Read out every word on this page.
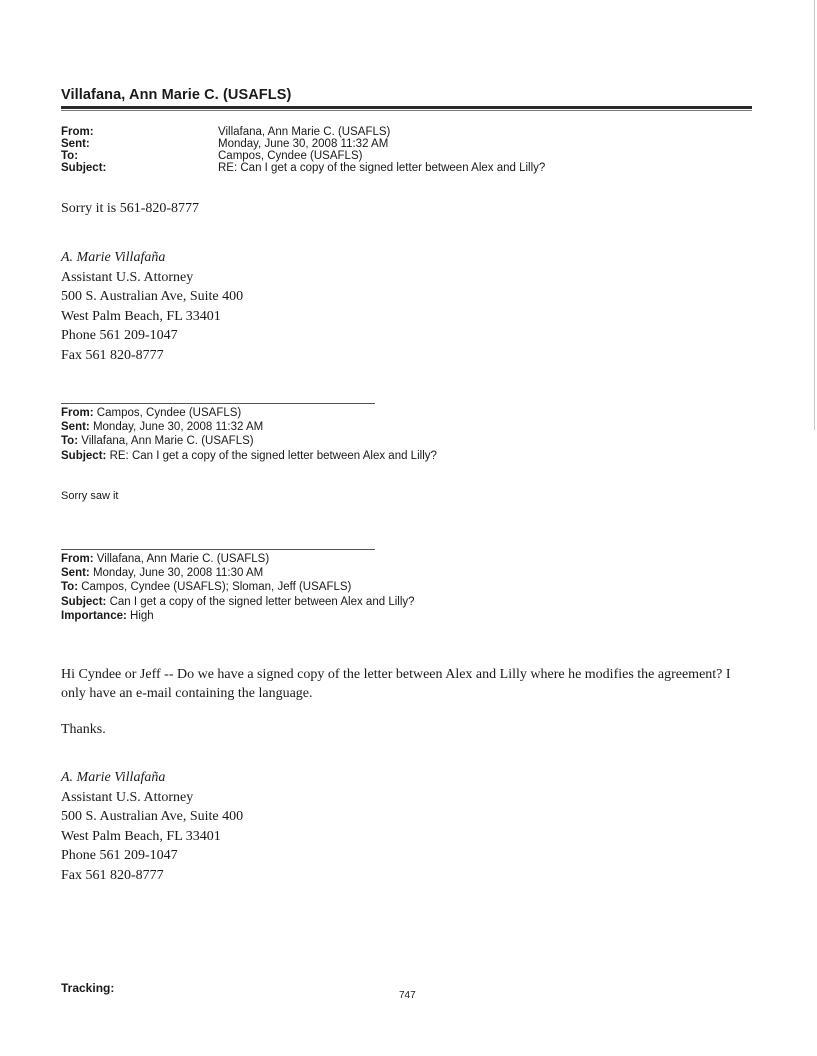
Villafana, Ann Marie C. (USAFLS)
From:	Villafana, Ann Marie C. (USAFLS)
Sent:	Monday, June 30, 2008 11:32 AM
To:	Campos, Cyndee (USAFLS)
Subject:	RE: Can I get a copy of the signed letter between Alex and Lilly?
Sorry it is 561-820-8777
A. Marie Villafaña
Assistant U.S. Attorney
500 S. Australian Ave, Suite 400
West Palm Beach, FL 33401
Phone 561 209-1047
Fax 561 820-8777
From: Campos, Cyndee (USAFLS)
Sent: Monday, June 30, 2008 11:32 AM
To: Villafana, Ann Marie C. (USAFLS)
Subject: RE: Can I get a copy of the signed letter between Alex and Lilly?
Sorry saw it
From: Villafana, Ann Marie C. (USAFLS)
Sent: Monday, June 30, 2008 11:30 AM
To: Campos, Cyndee (USAFLS); Sloman, Jeff (USAFLS)
Subject: Can I get a copy of the signed letter between Alex and Lilly?
Importance: High
Hi Cyndee or Jeff -- Do we have a signed copy of the letter between Alex and Lilly where he modifies the agreement? I only have an e-mail containing the language.
Thanks.
A. Marie Villafaña
Assistant U.S. Attorney
500 S. Australian Ave, Suite 400
West Palm Beach, FL 33401
Phone 561 209-1047
Fax 561 820-8777
Tracking:
747
